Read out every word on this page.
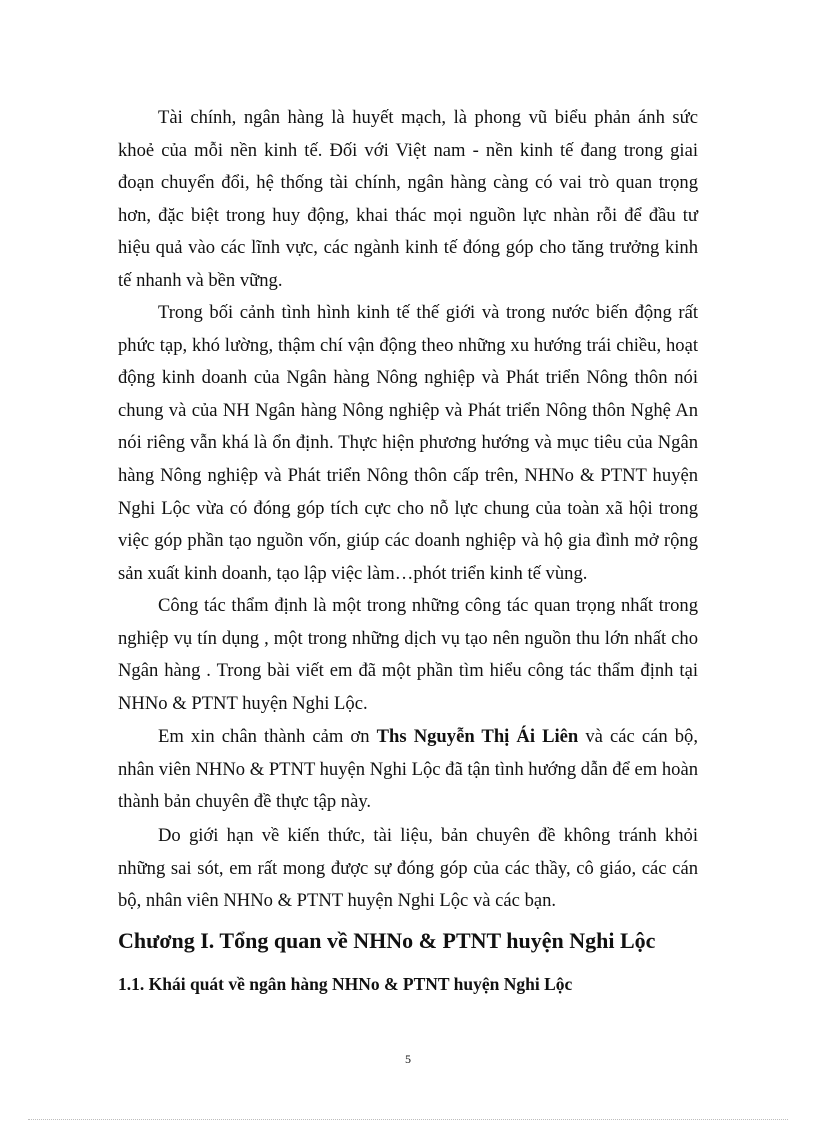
Tài chính, ngân hàng là huyết mạch, là phong vũ biểu phản ánh sức khoẻ của mỗi nền kinh tế. Đối với Việt nam - nền kinh tế đang trong giai đoạn chuyển đổi, hệ thống tài chính, ngân hàng càng có vai trò quan trọng hơn, đặc biệt trong huy động, khai thác mọi nguồn lực nhàn rỗi để đầu tư hiệu quả vào các lĩnh vực, các ngành kinh tế đóng góp cho tăng trưởng kinh tế nhanh và bền vững.

Trong bối cảnh tình hình kinh tế thế giới và trong nước biến động rất phức tạp, khó lường, thậm chí vận động theo những xu hướng trái chiều, hoạt động kinh doanh của Ngân hàng Nông nghiệp và Phát triển Nông thôn nói chung và của NH Ngân hàng Nông nghiệp và Phát triển Nông thôn Nghệ An nói riêng vẫn khá là ổn định. Thực hiện phương hướng và mục tiêu của Ngân hàng Nông nghiệp và Phát triển Nông thôn cấp trên, NHNo & PTNT huyện Nghi Lộc vừa có đóng góp tích cực cho nỗ lực chung của toàn xã hội trong việc góp phần tạo nguồn vốn, giúp các doanh nghiệp và hộ gia đình mở rộng sản xuất kinh doanh, tạo lập việc làm…phót triển kinh tế vùng.

Công tác thẩm định là một trong những công tác quan trọng nhất trong nghiệp vụ tín dụng , một trong những dịch vụ tạo nên nguồn thu lớn nhất cho Ngân hàng . Trong bài viết em đã một phần tìm hiểu công tác thẩm định tại NHNo & PTNT huyện Nghi Lộc.

Em xin chân thành cảm ơn Ths Nguyễn Thị Ái Liên và các cán bộ, nhân viên NHNo & PTNT huyện Nghi Lộc đã tận tình hướng dẫn để em hoàn thành bản chuyên đề thực tập này.

Do giới hạn về kiến thức, tài liệu, bản chuyên đề không tránh khỏi những sai sót, em rất mong được sự đóng góp của các thầy, cô giáo, các cán bộ, nhân viên NHNo & PTNT huyện Nghi Lộc và các bạn.

Chương I. Tổng quan về NHNo & PTNT huyện Nghi Lộc
1.1. Khái quát về ngân hàng NHNo & PTNT huyện Nghi Lộc
5
